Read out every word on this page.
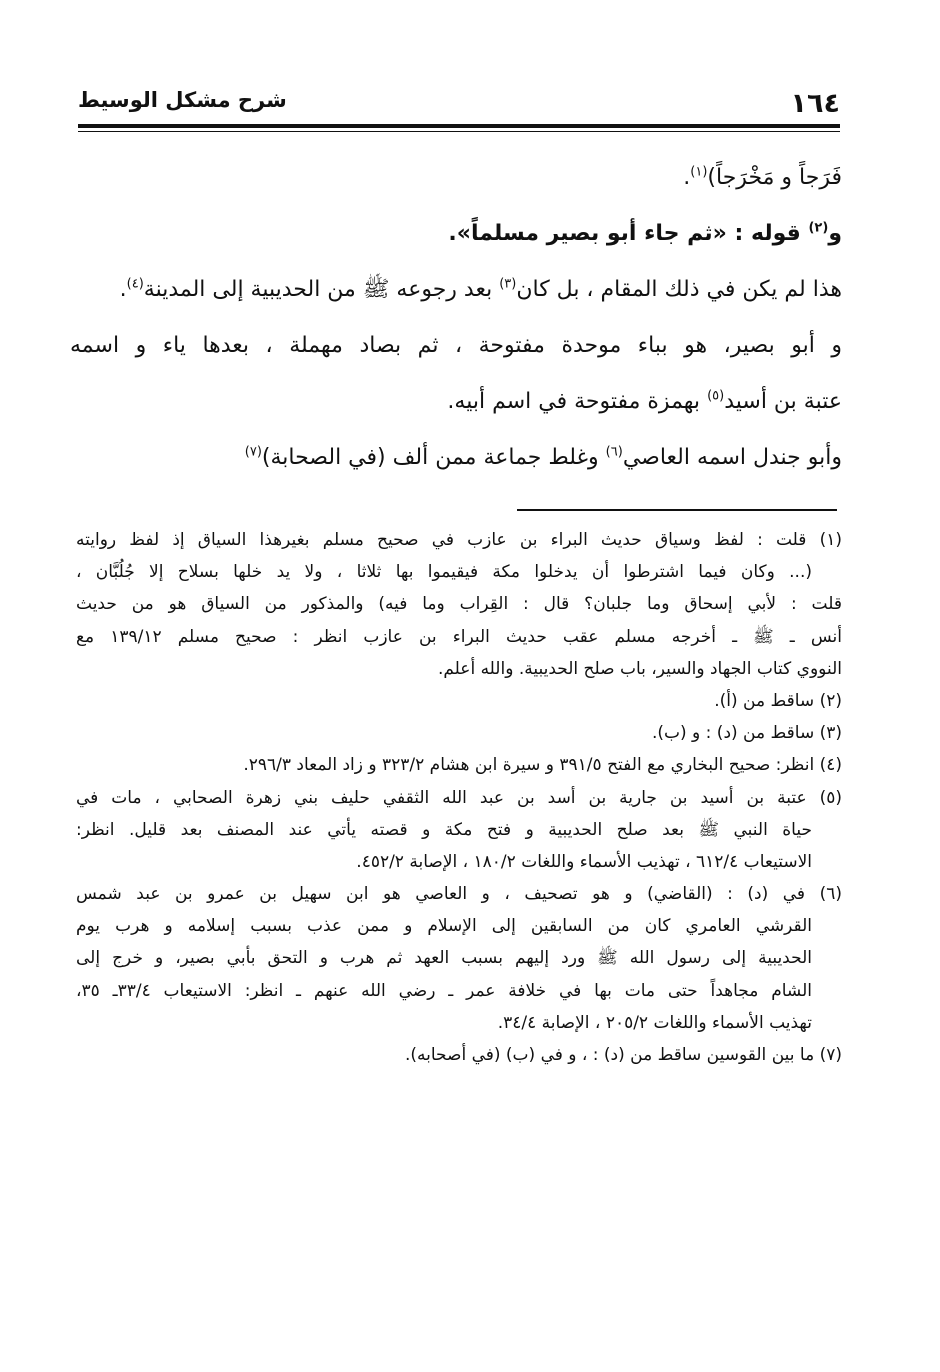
١٦٤
شرح مشكل الوسيط
فَرَجاً و مَخْرَجاً)$^{(١)}$.
و$^{(٢)}$ قوله : «ثم جاء أبو بصير مسلماً».
هذا لم يكن في ذلك المقام ، بل كان$^{(٣)}$ بعد رجوعه ﷺ من الحديبية إلى المدينة$^{(٤)}$.
و أبو بصير، هو بباء موحدة مفتوحة ، ثم بصاد مهملة ، بعدها ياء و اسمه
عتبة بن أسيد$^{(٥)}$ بهمزة مفتوحة في اسم أبيه.
وأبو جندل اسمه العاصي$^{(٦)}$ وغلط جماعة ممن ألف (في الصحابة)$^{(٧)}$
(١) قلت : لفظ وسياق حديث البراء بن عازب في صحيح مسلم بغيرهذا السياق إذ لفظ روايته
(... وكان فيما اشترطوا أن يدخلوا مكة فيقيموا بها ثلاثا ، ولا يد خلها بسلاح إلا جُلُبَّان ،
قلت : لأبي إسحاق وما جلبان؟ قال : القِراب وما فيه) والمذكور من السياق هو من حديث
أنس ـ ﷺ ـ أخرجه مسلم عقب حديث البراء بن عازب انظر : صحيح مسلم ١٣٩/١٢ مع
النووي كتاب الجهاد والسير، باب صلح الحديبية. والله أعلم.
(٢) ساقط من (أ).
(٣) ساقط من (د) : و (ب).
(٤) انظر: صحيح البخاري مع الفتح ٣٩١/٥ و سيرة ابن هشام ٣٢٣/٢ و زاد المعاد ٢٩٦/٣.
(٥) عتبة بن أسيد بن جارية بن أسد بن عبد الله الثقفي حليف بني زهرة الصحابي ، مات في
حياة النبي ﷺ بعد صلح الحديبية و فتح مكة و قصته يأتي عند المصنف بعد قليل. انظر:
الاستيعاب ٦١٢/٤ ، تهذيب الأسماء واللغات ١٨٠/٢ ، الإصابة ٤٥٢/٢.
(٦) في (د) : (القاضي) و هو تصحيف ، و العاصي هو ابن سهيل بن عمرو بن عبد شمس
القرشي العامري كان من السابقين إلى الإسلام و ممن عذب بسبب إسلامه و هرب يوم
الحديبية إلى رسول الله ﷺ ورد إليهم بسبب العهد ثم هرب و التحق بأبي بصير، و خرج إلى
الشام مجاهداً حتى مات بها في خلافة عمر ـ رضي الله عنهم ـ انظر: الاستيعاب ٣٣/٤ـ ٣٥،
تهذيب الأسماء واللغات ٢٠٥/٢ ، الإصابة ٣٤/٤.
(٧) ما بين القوسين ساقط من (د) : ، و في (ب) (في أصحابه).
